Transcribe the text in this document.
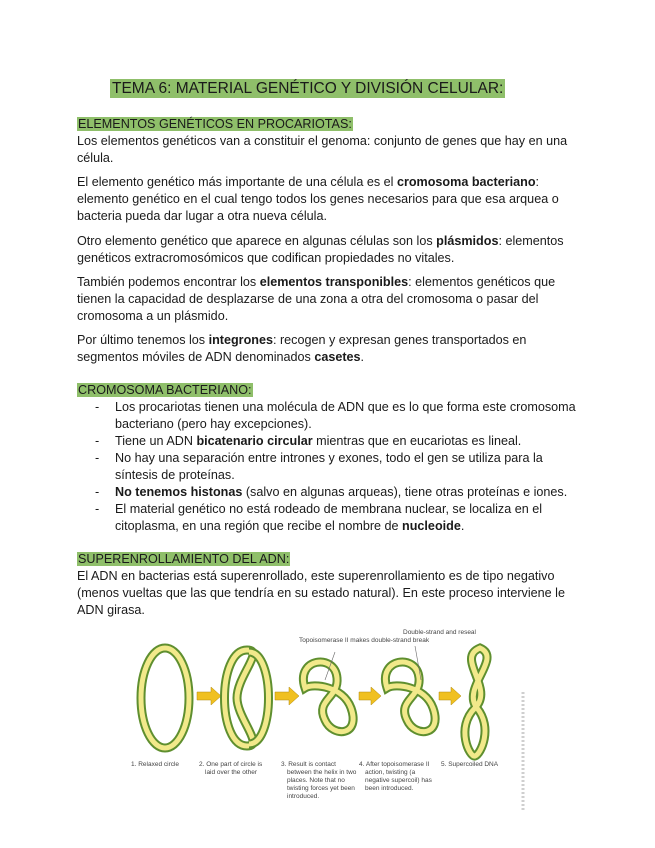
TEMA 6: MATERIAL GENÉTICO Y DIVISIÓN CELULAR:
ELEMENTOS GENÉTICOS EN PROCARIOTAS:

Los elementos genéticos van a constituir el genoma: conjunto de genes que hay en una célula.

El elemento genético más importante de una célula es el cromosoma bacteriano: elemento genético en el cual tengo todos los genes necesarios para que esa arquea o bacteria pueda dar lugar a otra nueva célula.

Otro elemento genético que aparece en algunas células son los plásmidos: elementos genéticos extracromosómicos que codifican propiedades no vitales.

También podemos encontrar los elementos transponibles: elementos genéticos que tienen la capacidad de desplazarse de una zona a otra del cromosoma o pasar del cromosoma a un plásmido.

Por último tenemos los integrones: recogen y expresan genes transportados en segmentos móviles de ADN denominados casetes.

CROMOSOMA BACTERIANO:
- Los procariotas tienen una molécula de ADN que es lo que forma este cromosoma bacteriano (pero hay excepciones).
- Tiene un ADN bicatenario circular mientras que en eucariotas es lineal.
- No hay una separación entre intrones y exones, todo el gen se utiliza para la síntesis de proteínas.
- No tenemos histonas (salvo en algunas arqueas), tiene otras proteínas e iones.
- El material genético no está rodeado de membrana nuclear, se localiza en el citoplasma, en una región que recibe el nombre de nucleoide.
SUPERENROLLAMIENTO DEL ADN:

El ADN en bacterias está superenrollado, este superenrollamiento es de tipo negativo (menos vueltas que las que tendría en su estado natural). En este proceso interviene le ADN girasa.

Topoisomerase II makes double-strand break
Double-strand and reseal
1. Relaxed circle	2. One part of circle is
laid over the other
3. Result is contact
between the helix in two
places. Note that no
twisting forces yet been
introduced.
4. After topoisomerase II
action, twisting (a
negative supercoil) has
been introduced.
5. Supercoiled DNA
